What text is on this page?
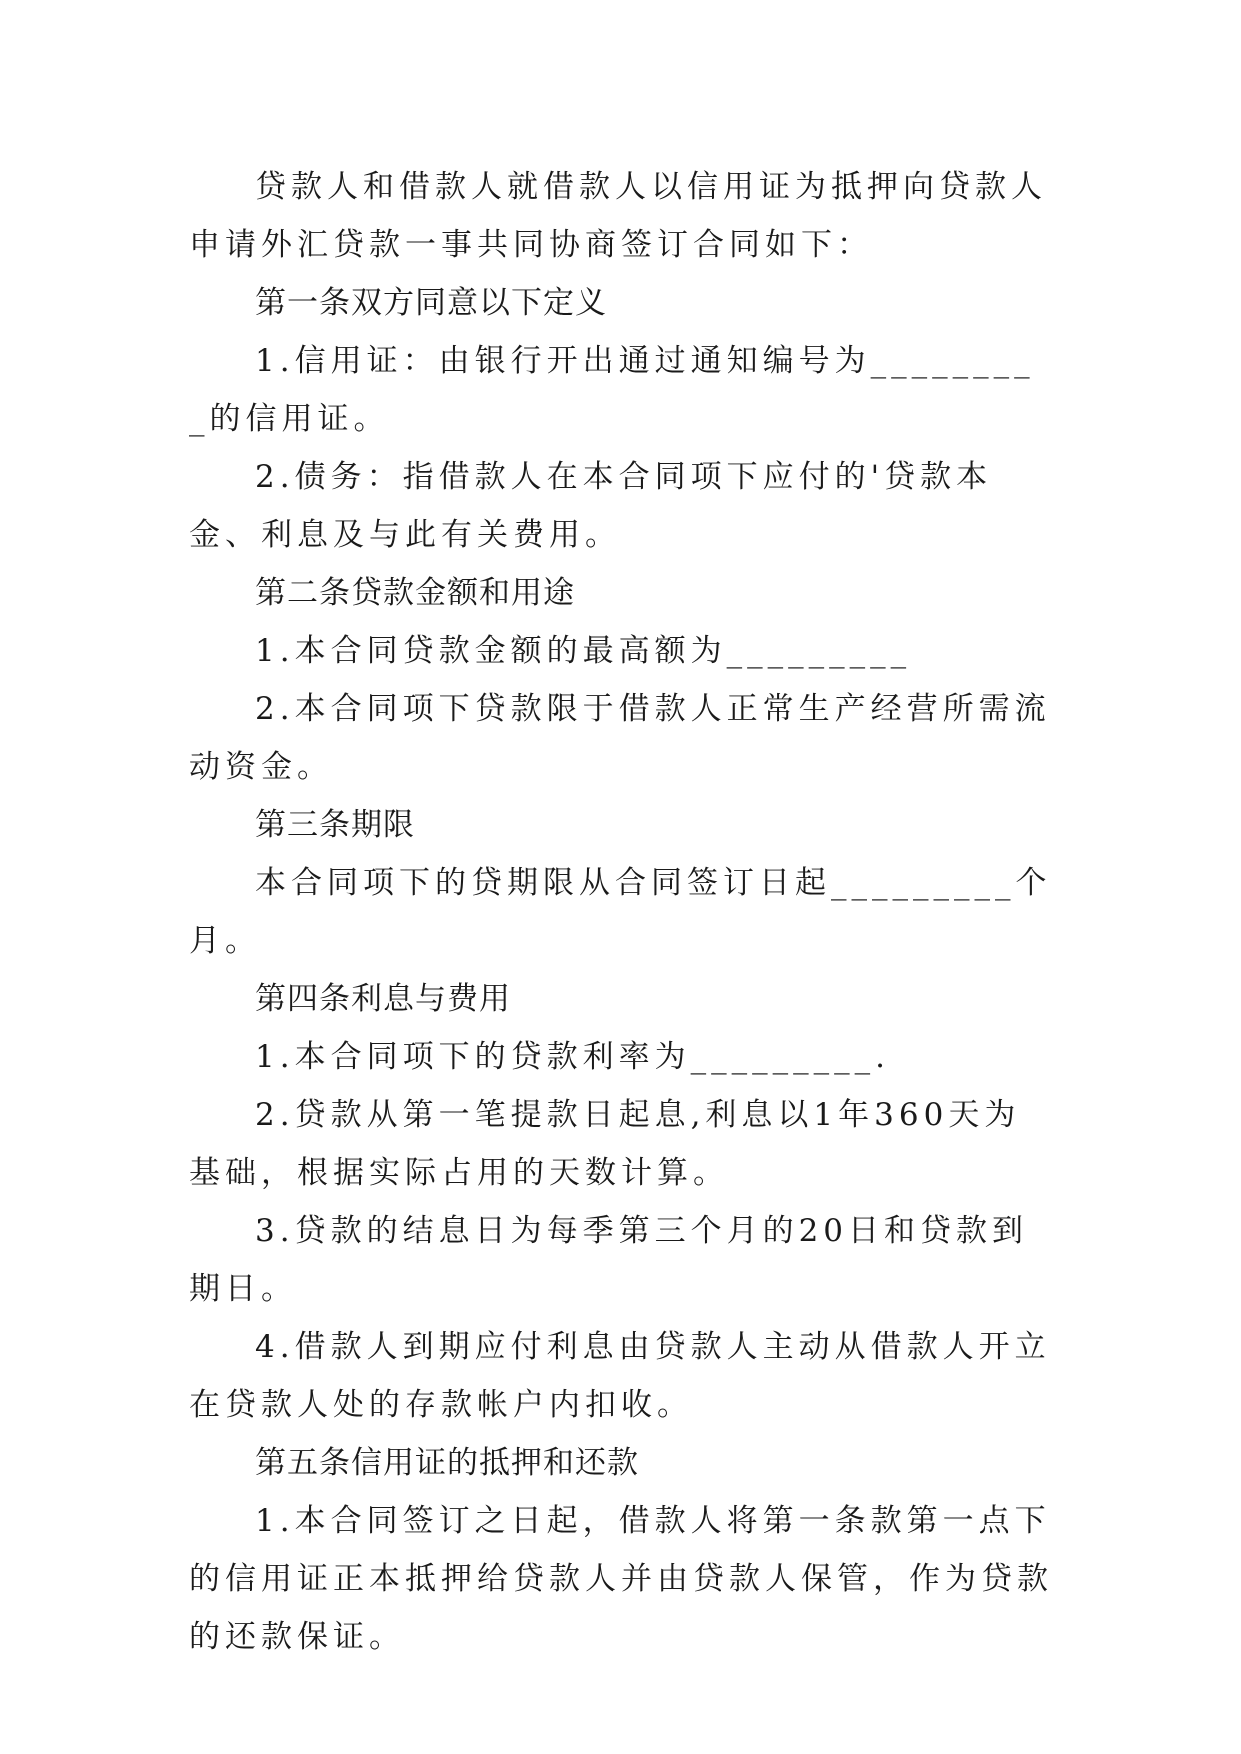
贷款人和借款人就借款人以信用证为抵押向贷款人申请外汇贷款一事共同协商签订合同如下：

第一条双方同意以下定义

1.信用证：由银行开出通过通知编号为_________的信用证。

2.债务：指借款人在本合同项下应付的'贷款本金、利息及与此有关费用。

第二条贷款金额和用途

1.本合同贷款金额的最高额为_________

2.本合同项下贷款限于借款人正常生产经营所需流动资金。

第三条期限

本合同项下的贷期限从合同签订日起_________个月。

第四条利息与费用

1.本合同项下的贷款利率为_________.

2.贷款从第一笔提款日起息,利息以1年360天为基础，根据实际占用的天数计算。

3.贷款的结息日为每季第三个月的20日和贷款到期日。

4.借款人到期应付利息由贷款人主动从借款人开立在贷款人处的存款帐户内扣收。

第五条信用证的抵押和还款

1.本合同签订之日起，借款人将第一条款第一点下的信用证正本抵押给贷款人并由贷款人保管，作为贷款的还款保证。
